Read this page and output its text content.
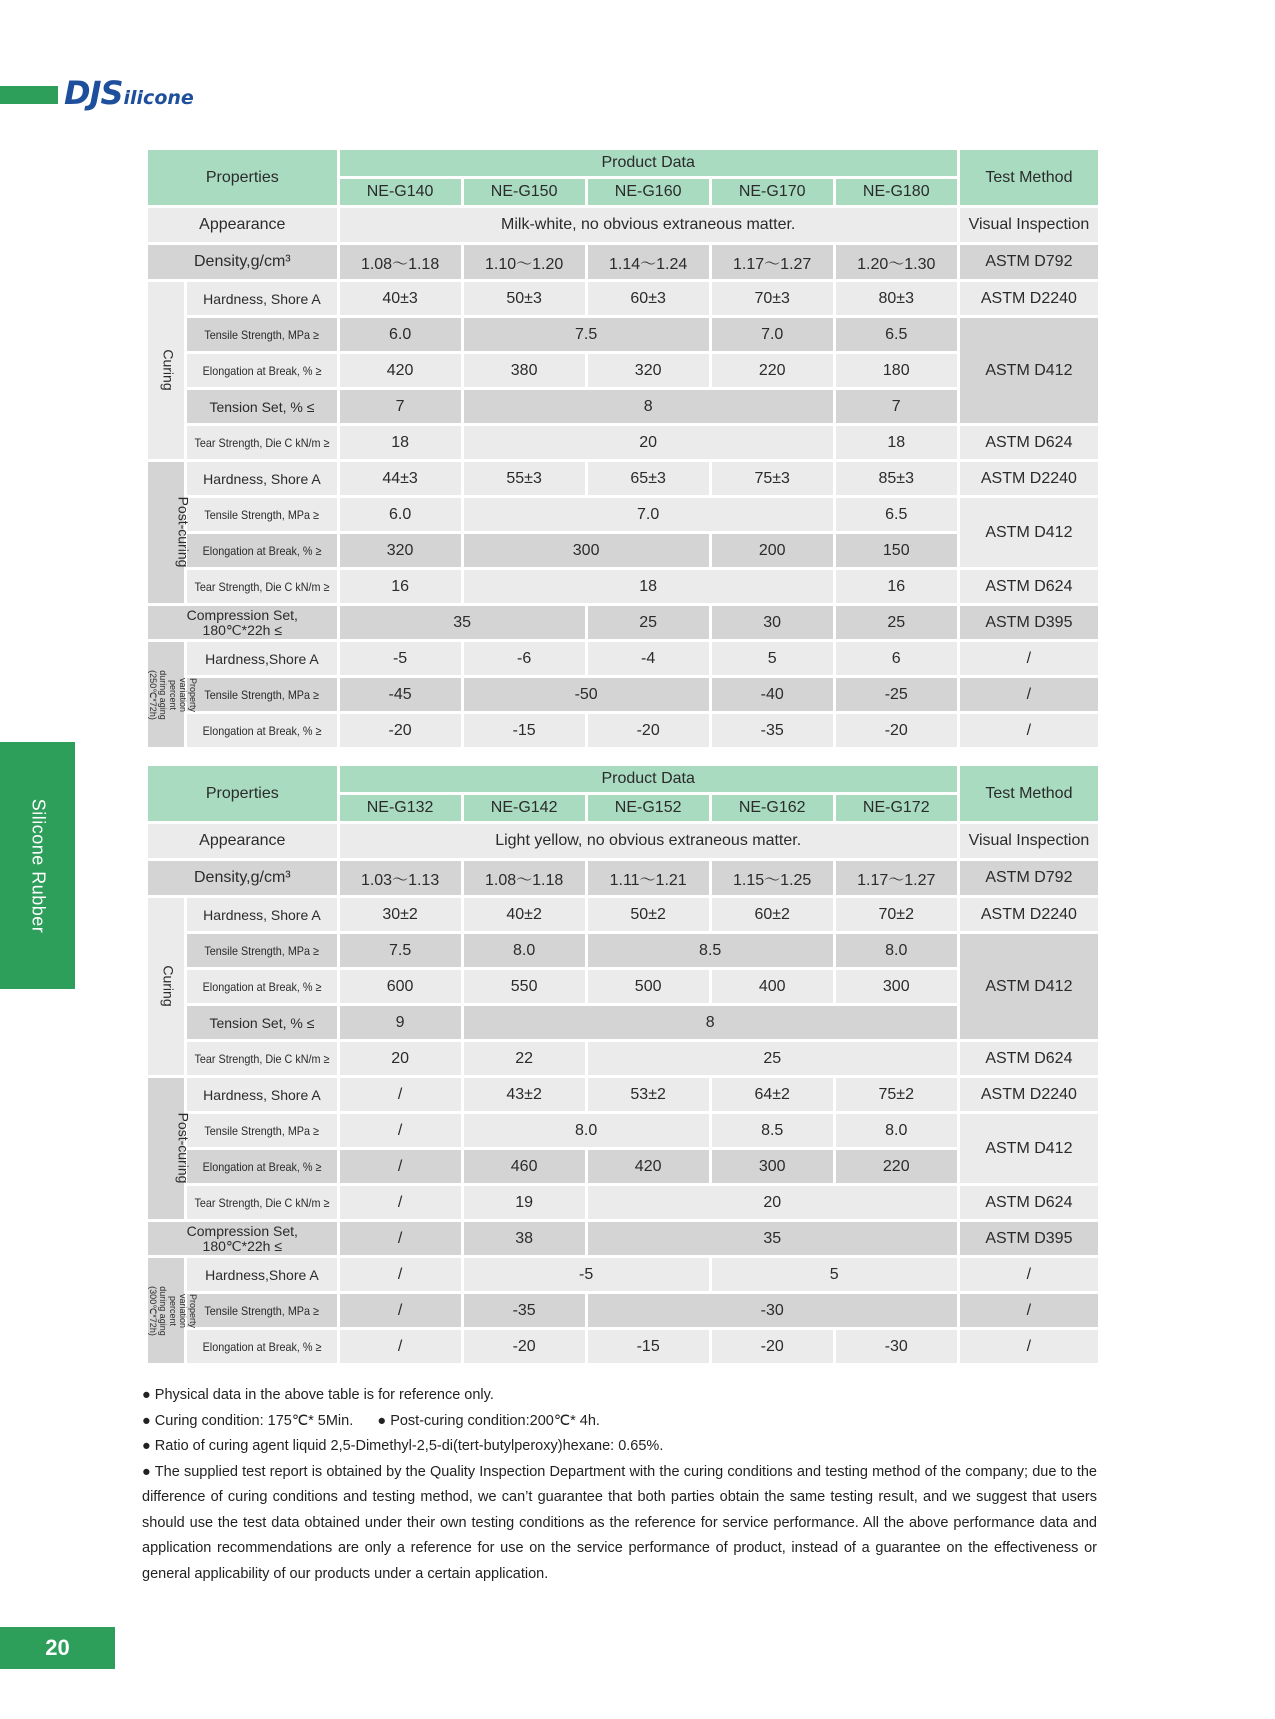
DJSilicone
Silicone Rubber
Properties		Product Data					Test Method
		NE-G140	NE-G150	NE-G160	NE-G170	NE-G180	
Appearance		Milk-white, no obvious extraneous matter.					Visual Inspection
Density,g/cm³		1.08～1.18	1.10～1.20	1.14～1.24	1.17～1.27	1.20～1.30	ASTM D792
Curing	Hardness, Shore A	40±3	50±3	60±3	70±3	80±3	ASTM D2240
	Tensile Strength, MPa ≥	6.0	7.5		7.0	6.5	ASTM D412
	Elongation at Break, % ≥	420	380	320	220	180	
	Tension Set, % ≤	7	8			7	
	Tear Strength, Die C kN/m ≥	18	20			18	ASTM D624
Post-curing	Hardness, Shore A	44±3	55±3	65±3	75±3	85±3	ASTM D2240
	Tensile Strength, MPa ≥	6.0	7.0			6.5	ASTM D412
	Elongation at Break, % ≥	320	300		200	150	
	Tear Strength, Die C kN/m ≥	16	18			16	ASTM D624
Compression Set,
180℃*22h ≤		35		25	30	25	ASTM D395
Property variation
percent during aging
(250℃*72h)	Hardness,Shore A	-5	-6	-4	5	6	/
	Tensile Strength, MPa ≥	-45	-50		-40	-25	/
	Elongation at Break, % ≥	-20	-15	-20	-35	-20	/
Properties		Product Data					Test Method
		NE-G132	NE-G142	NE-G152	NE-G162	NE-G172	
Appearance		Light yellow, no obvious extraneous matter.					Visual Inspection
Density,g/cm³		1.03～1.13	1.08～1.18	1.11～1.21	1.15～1.25	1.17～1.27	ASTM D792
Curing	Hardness, Shore A	30±2	40±2	50±2	60±2	70±2	ASTM D2240
	Tensile Strength, MPa ≥	7.5	8.0	8.5		8.0	ASTM D412
	Elongation at Break, % ≥	600	550	500	400	300	
	Tension Set, % ≤	9	8				
	Tear Strength, Die C kN/m ≥	20	22	25			ASTM D624
Post-curing	Hardness, Shore A	/	43±2	53±2	64±2	75±2	ASTM D2240
	Tensile Strength, MPa ≥	/	8.0		8.5	8.0	ASTM D412
	Elongation at Break, % ≥	/	460	420	300	220	
	Tear Strength, Die C kN/m ≥	/	19	20			ASTM D624
Compression Set,
180℃*22h ≤		/	38	35			ASTM D395
Property variation
percent during aging
(300℃*72h)	Hardness,Shore A	/	-5		5		/
	Tensile Strength, MPa ≥	/	-35	-30			/
	Elongation at Break, % ≥	/	-20	-15	-20	-30	/

● Physical data in the above table is for reference only.

● Curing condition: 175℃* 5Min. ● Post-curing condition:200℃* 4h.

● Ratio of curing agent liquid 2,5-Dimethyl-2,5-di(tert-butylperoxy)hexane: 0.65%.

● The supplied test report is obtained by the Quality Inspection Department with the curing conditions and testing method of the company; due to the difference of curing conditions and testing method, we can’t guarantee that both parties obtain the same testing result, and we suggest that users should use the test data obtained under their own testing conditions as the reference for service performance. All the above performance data and application recommendations are only a reference for use on the service performance of product, instead of a guarantee on the effectiveness or general applicability of our products under a certain application.

20
